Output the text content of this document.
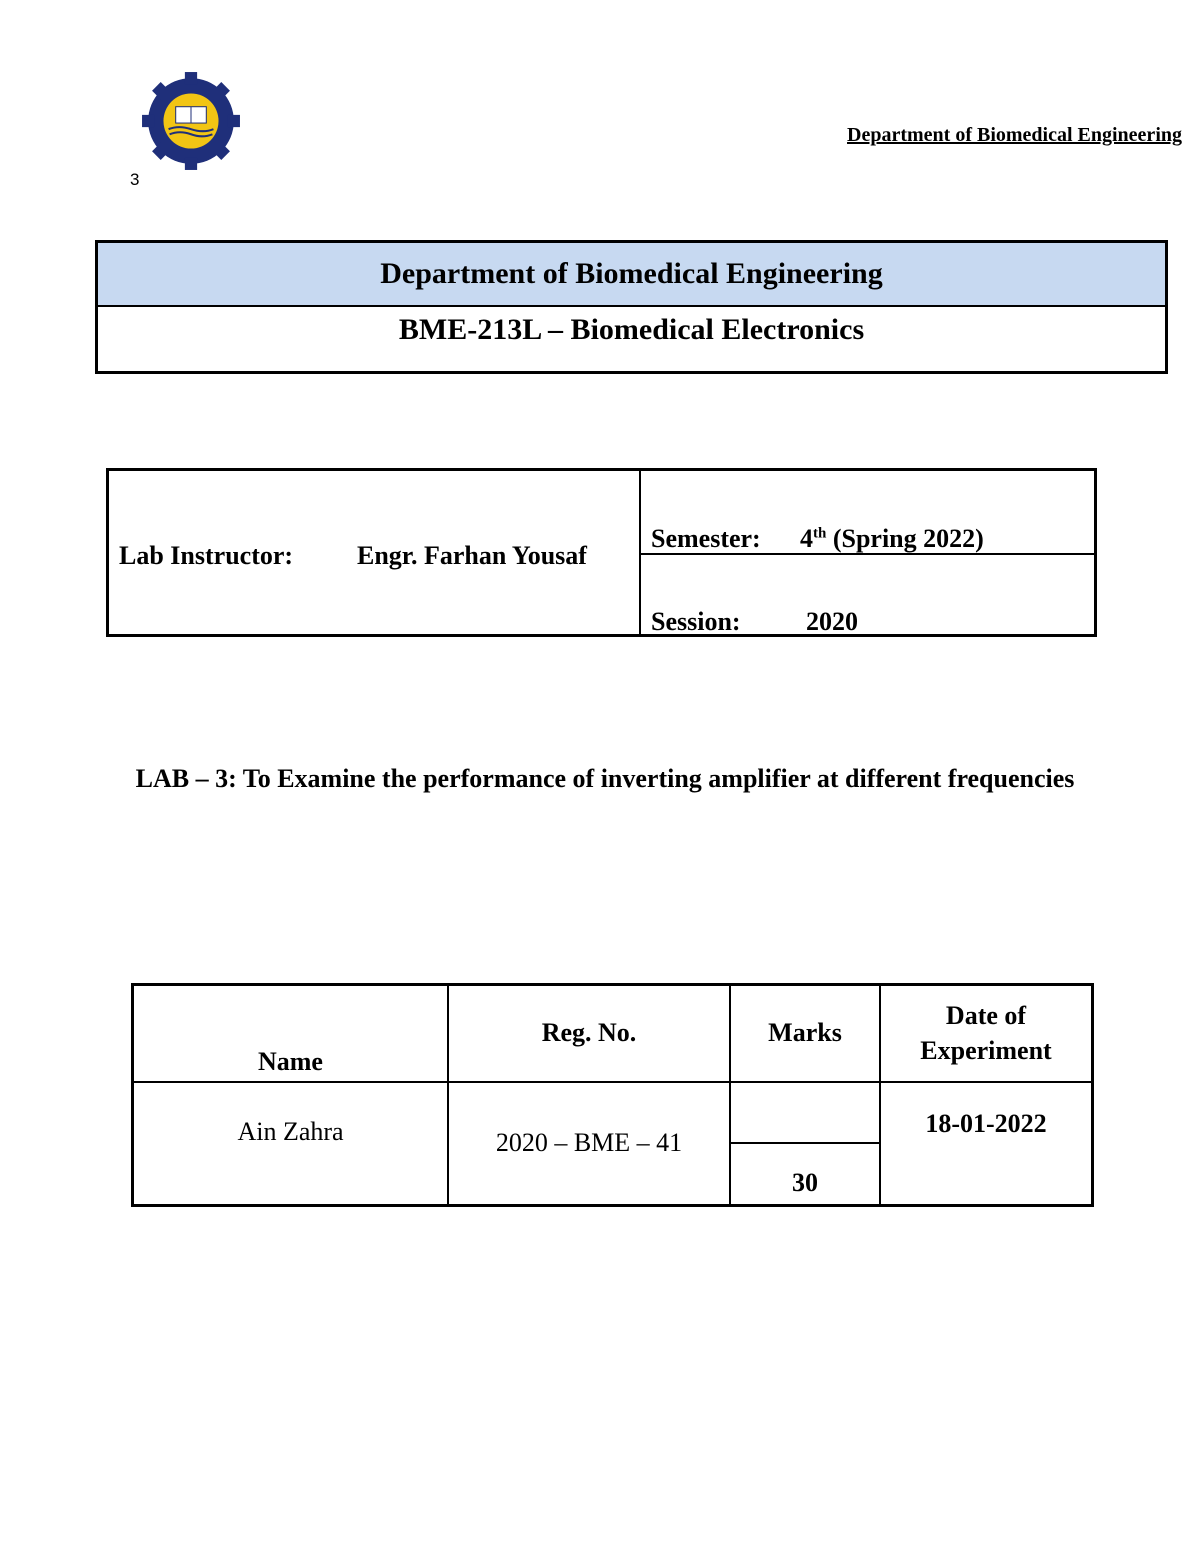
3
Department of Biomedical Engineering
Department of Biomedical Engineering
BME-213L – Biomedical Electronics
Lab Instructor: Engr. Farhan Yousaf
Semester: 4th (Spring 2022)
Session:	2020
LAB – 3: To Examine the performance of inverting amplifier at different frequencies
Name	Reg. No.	Marks	Date of Experiment
Ain Zahra	2020 – BME – 41	30	18-01-2022
